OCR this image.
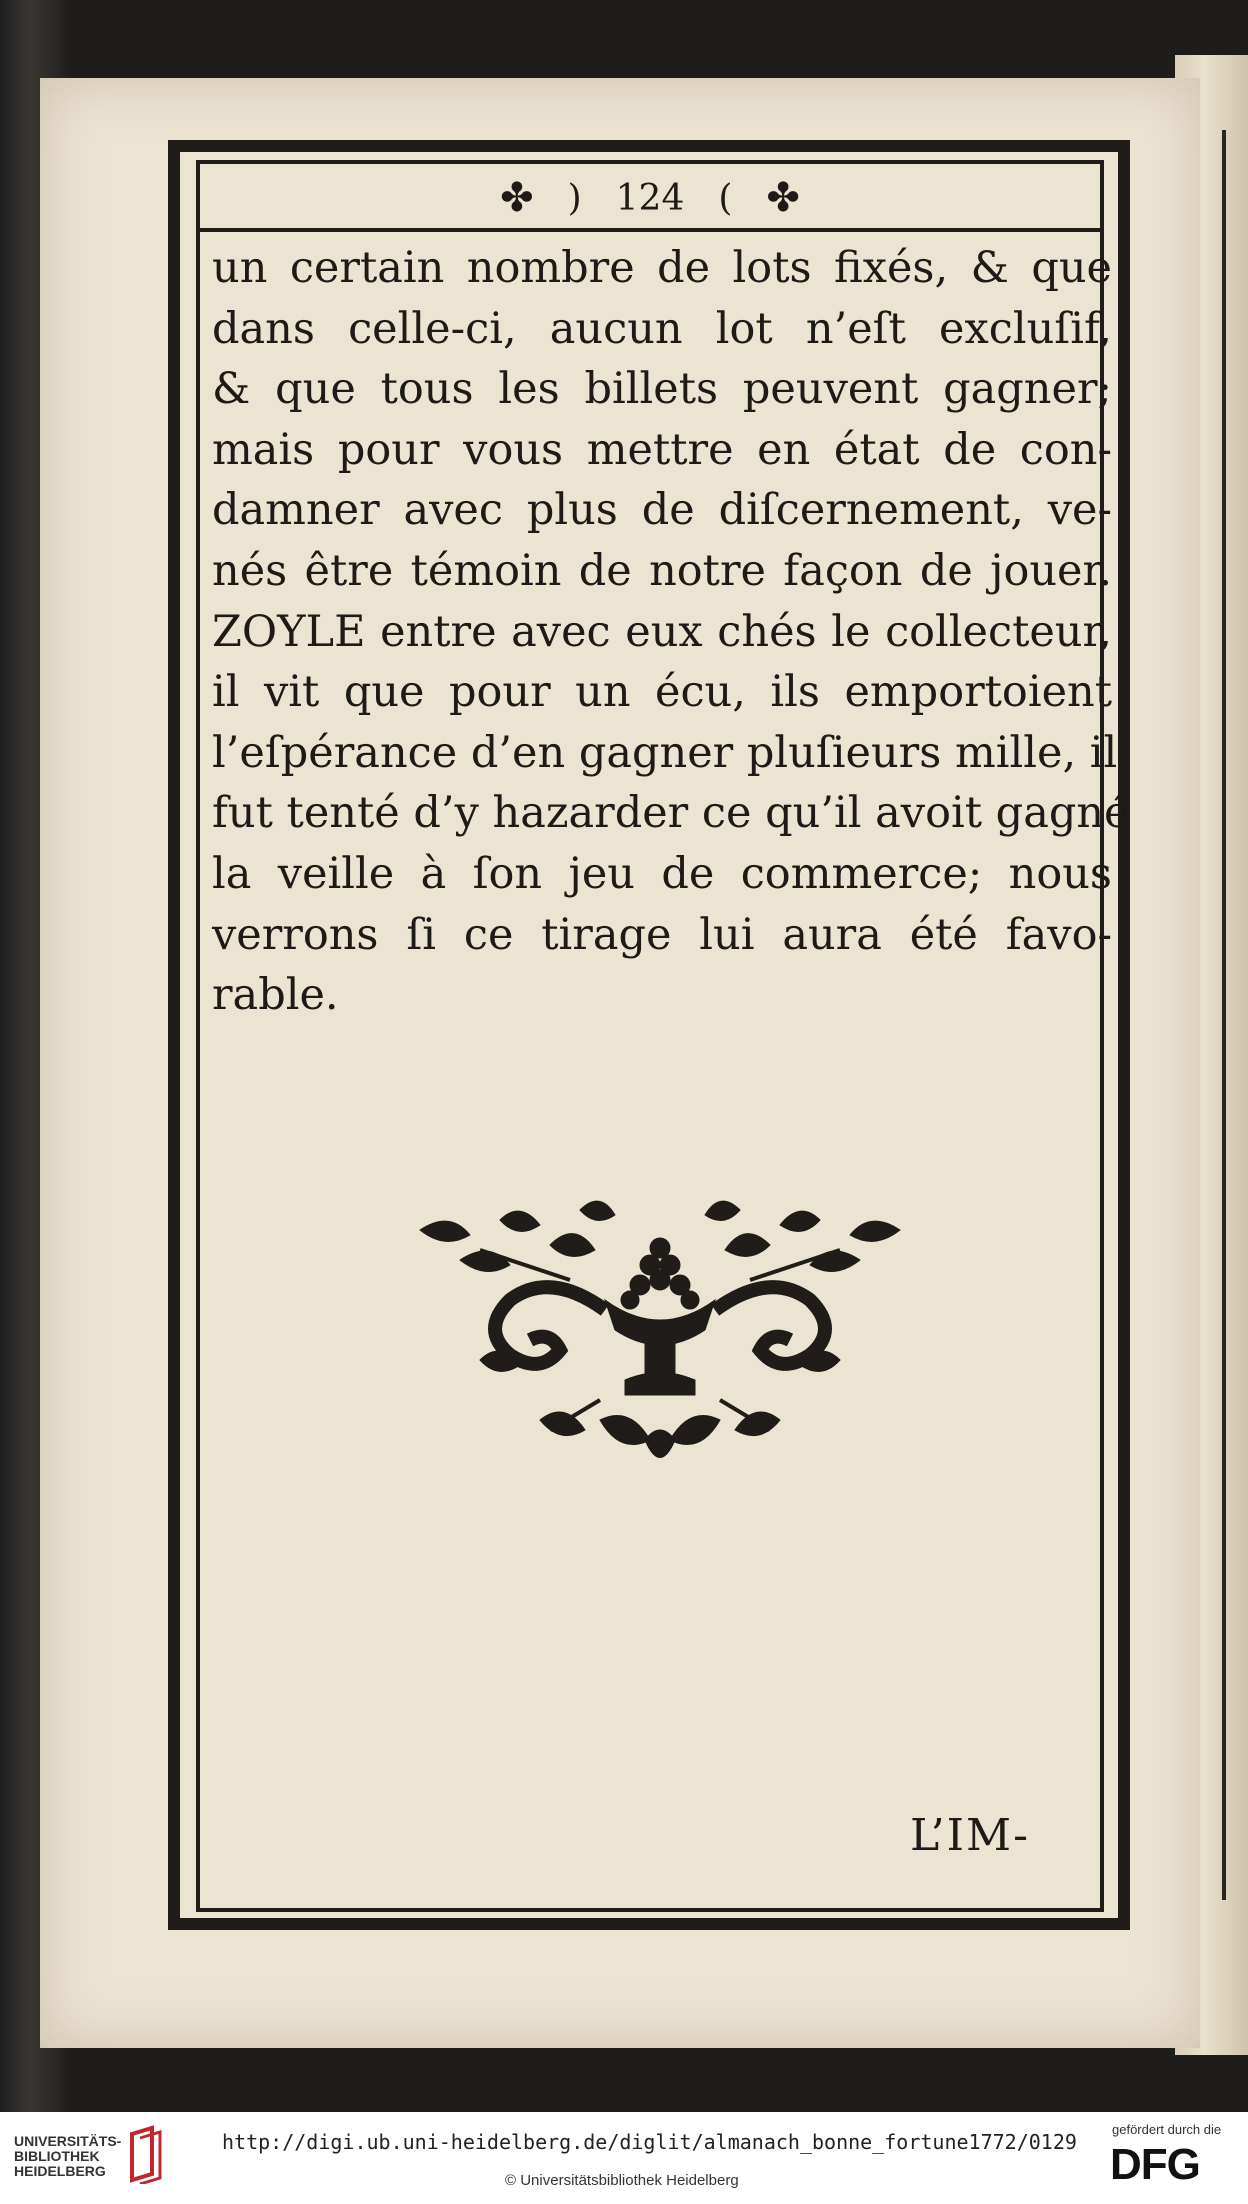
✤ ) 124 ( ✤
un certain nombre de lots fixés, & que
dans celle-ci, aucun lot n’eſt excluſif,
& que tous les billets peuvent gagner;
mais pour vous mettre en état de con-
damner avec plus de diſcernement, ve-
nés être témoin de notre façon de jouer.
ZOYLE entre avec eux chés le collecteur,
il vit que pour un écu, ils emportoient
l’eſpérance d’en gagner pluſieurs mille, il
fut tenté d’y hazarder ce qu’il avoit gagné
la veille à ſon jeu de commerce; nous
verrons ſi ce tirage lui aura été favo-
rable.
L’IM-
UNIVERSITÄTS-
BIBLIOTHEK
HEIDELBERG
http://digi.ub.uni-heidelberg.de/diglit/almanach_bonne_fortune1772/0129
© Universitätsbibliothek Heidelberg
gefördert durch die
DFG
